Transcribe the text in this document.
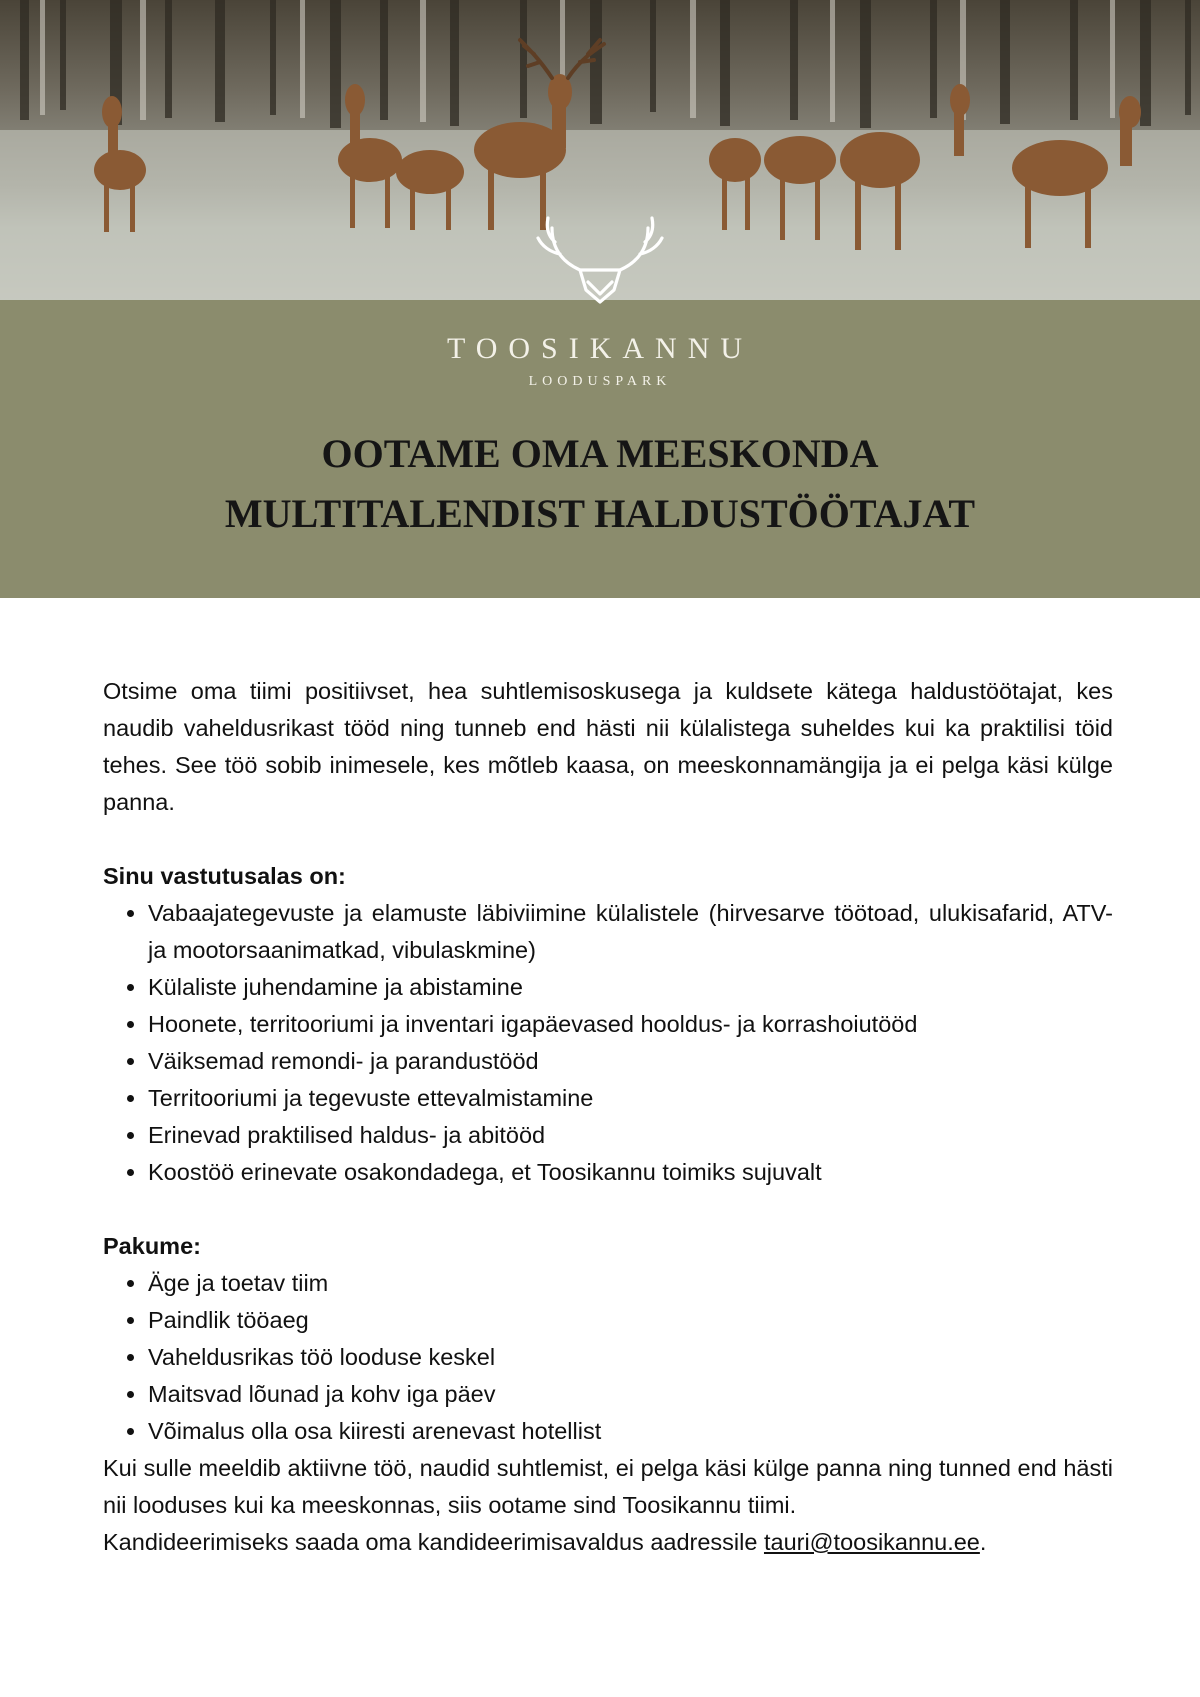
TOOSIKANNU
LOODUSPARK
OOTAME OMA MEESKONDA
MULTITALENDIST HALDUSTÖÖTAJAT

Otsime oma tiimi positiivset, hea suhtlemisoskusega ja kuldsete kätega haldustöötajat, kes naudib vaheldusrikast tööd ning tunneb end hästi nii külalistega suheldes kui ka praktilisi töid tehes. See töö sobib inimesele, kes mõtleb kaasa, on meeskonnamängija ja ei pelga käsi külge panna.

Sinu vastutusalas on:
• Vabaajategevuste ja elamuste läbiviimine külalistele (hirvesarve töötoad, ulukisafarid, ATV- ja mootorsaanimatkad, vibulaskmine)
• Külaliste juhendamine ja abistamine
• Hoonete, territooriumi ja inventari igapäevased hooldus- ja korrashoiutööd
• Väiksemad remondi- ja parandustööd
• Territooriumi ja tegevuste ettevalmistamine
• Erinevad praktilised haldus- ja abitööd
• Koostöö erinevate osakondadega, et Toosikannu toimiks sujuvalt
Pakume:
• Äge ja toetav tiim
• Paindlik tööaeg
• Vaheldusrikas töö looduse keskel
• Maitsvad lõunad ja kohv iga päev
• Võimalus olla osa kiiresti arenevast hotellist

Kui sulle meeldib aktiivne töö, naudid suhtlemist, ei pelga käsi külge panna ning tunned end hästi nii looduses kui ka meeskonnas, siis ootame sind Toosikannu tiimi.

Kandideerimiseks saada oma kandideerimisavaldus aadressile tauri@toosikannu.ee.
